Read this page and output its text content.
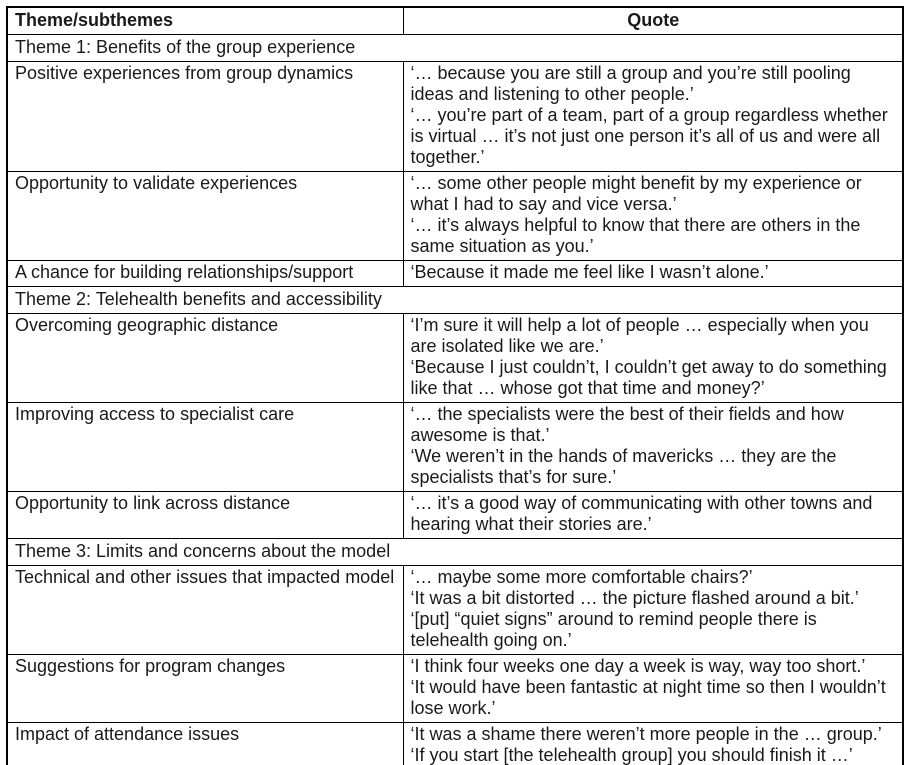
Theme/subthemes	Quote
Theme 1: Benefits of the group experience	
Positive experiences from group dynamics	‘… because you are still a group and you’re still pooling ideas and listening to other people.’
‘… you’re part of a team, part of a group regardless whether is virtual … it’s not just one person it’s all of us and were all together.’

Opportunity to validate experiences	‘… some other people might benefit by my experience or what I had to say and vice versa.’
‘… it’s always helpful to know that there are others in the same situation as you.’

A chance for building relationships/support	‘Because it made me feel like I wasn’t alone.’

Theme 2: Telehealth benefits and accessibility	
Overcoming geographic distance	‘I’m sure it will help a lot of people … especially when you are isolated like we are.’
‘Because I just couldn’t, I couldn’t get away to do something like that … whose got that time and money?’

Improving access to specialist care	‘… the specialists were the best of their fields and how awesome is that.’
‘We weren’t in the hands of mavericks … they are the specialists that’s for sure.’

Opportunity to link across distance	‘… it’s a good way of communicating with other towns and hearing what their stories are.’

Theme 3: Limits and concerns about the model	
Technical and other issues that impacted model	‘… maybe some more comfortable chairs?’
‘It was a bit distorted … the picture flashed around a bit.’
‘[put] “quiet signs” around to remind people there is telehealth going on.’

Suggestions for program changes	‘I think four weeks one day a week is way, way too short.’
‘It would have been fantastic at night time so then I wouldn’t lose work.’

Impact of attendance issues	‘It was a shame there weren’t more people in the … group.’
‘If you start [the telehealth group] you should finish it …’
